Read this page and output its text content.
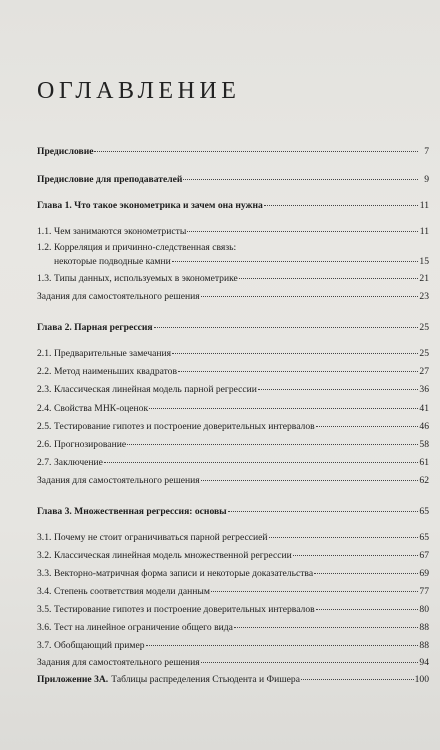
ОГЛАВЛЕНИЕ
Предисловие	7
Предисловие для преподавателей	9
Глава 1. Что такое эконометрика и зачем она нужна	11
1.1. Чем занимаются эконометристы	11
1.2. Корреляция и причинно-следственная связь:
некоторые подводные камни	15
1.3. Типы данных, используемых в эконометрике	21
Задания для самостоятельного решения	23
Глава 2. Парная регрессия	25
2.1. Предварительные замечания	25
2.2. Метод наименьших квадратов	27
2.3. Классическая линейная модель парной регрессии	36
2.4. Свойства МНК-оценок	41
2.5. Тестирование гипотез и построение доверительных интервалов	46
2.6. Прогнозирование	58
2.7. Заключение	61
Задания для самостоятельного решения	62
Глава 3. Множественная регрессия: основы	65
3.1. Почему не стоит ограничиваться парной регрессией	65
3.2. Классическая линейная модель множественной регрессии	67
3.3. Векторно-матричная форма записи и некоторые доказательства	69
3.4. Степень соответствия модели данным	77
3.5. Тестирование гипотез и построение доверительных интервалов	80
3.6. Тест на линейное ограничение общего вида	88
3.7. Обобщающий пример	88
Задания для самостоятельного решения	94
Приложение 3А. Таблицы распределения Стьюдента и Фишера	100
